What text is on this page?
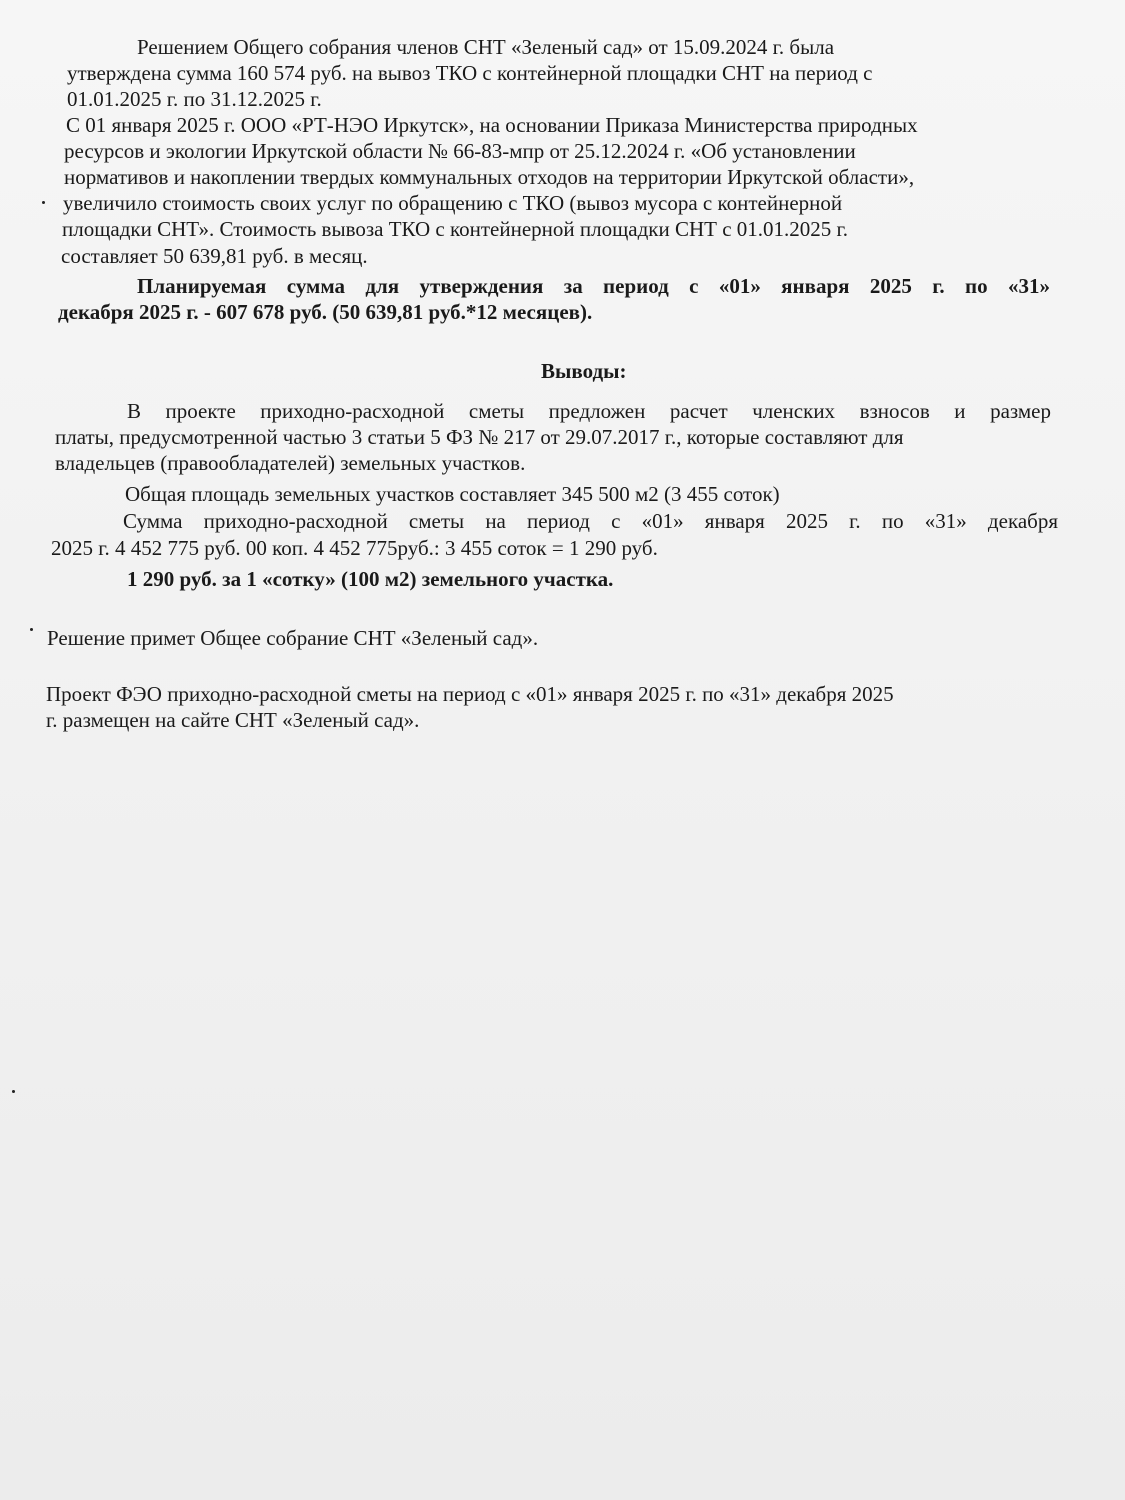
Решением Общего собрания членов СНТ «Зеленый сад» от 15.09.2024 г. была
утверждена сумма 160 574 руб. на вывоз ТКО с контейнерной площадки СНТ на период с
01.01.2025 г. по 31.12.2025 г.
С 01 января 2025 г. ООО «РТ-НЭО Иркутск», на основании Приказа Министерства природных
ресурсов и экологии Иркутской области № 66-83-мпр от 25.12.2024 г. «Об установлении
нормативов и накоплении твердых коммунальных отходов на территории Иркутской области»,
увеличило стоимость своих услуг по обращению с ТКО (вывоз мусора с контейнерной
площадки СНТ». Стоимость вывоза ТКО с контейнерной площадки СНТ с 01.01.2025 г.
составляет 50 639,81 руб. в месяц.
Планируемая сумма для утверждения за период с «01» января 2025 г. по «31»
декабря 2025 г. - 607 678 руб. (50 639,81 руб.*12 месяцев).
Выводы:
В проекте приходно-расходной сметы предложен расчет членских взносов и размер
платы, предусмотренной частью 3 статьи 5 ФЗ № 217 от 29.07.2017 г., которые составляют для
владельцев (правообладателей) земельных участков.
Общая площадь земельных участков составляет 345 500 м2 (3 455 соток)
Сумма приходно-расходной сметы на период с «01» января 2025 г. по «31» декабря
2025 г. 4 452 775 руб. 00 коп. 4 452 775руб.: 3 455 соток = 1 290 руб.
1 290 руб. за 1 «сотку» (100 м2) земельного участка.
Решение примет Общее собрание СНТ «Зеленый сад».
Проект ФЭО приходно-расходной сметы на период с «01» января 2025 г. по «31» декабря 2025
г. размещен на сайте СНТ «Зеленый сад».
